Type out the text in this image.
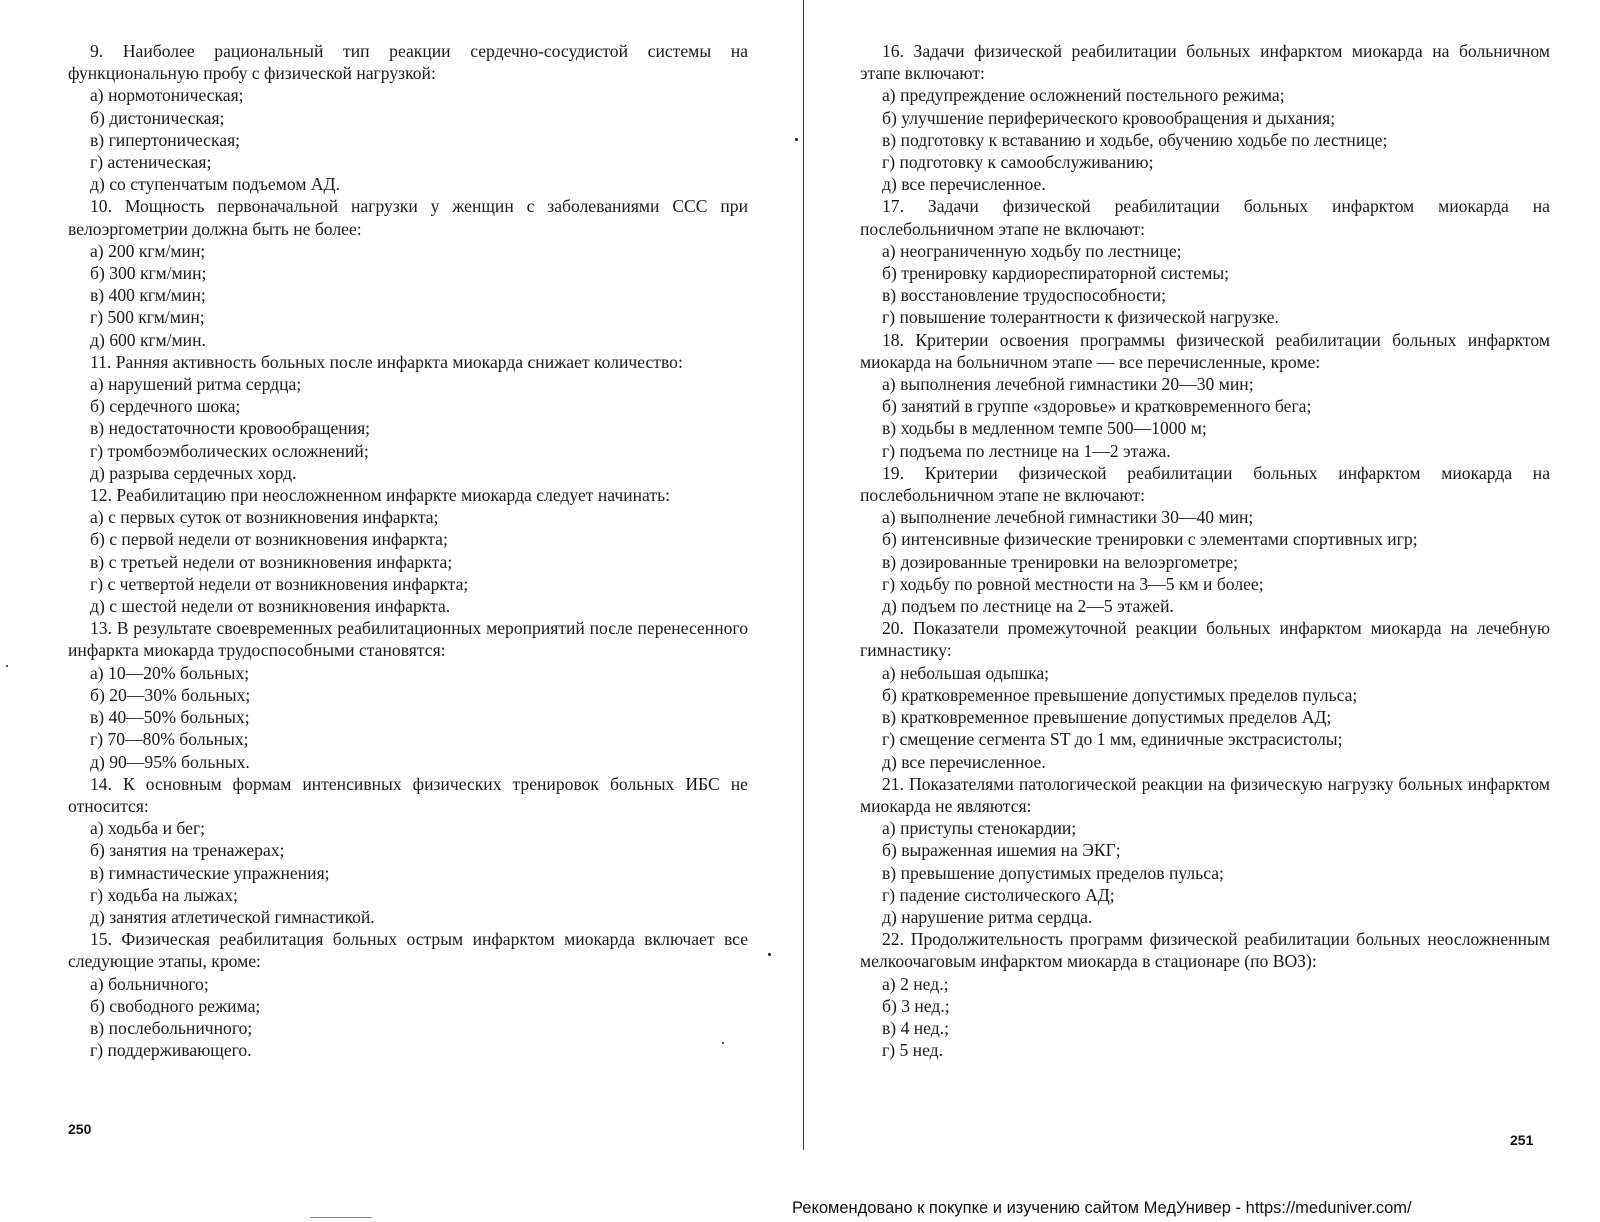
9. Наиболее рациональный тип реакции сердечно-сосудистой системы на функциональную пробу с физической нагрузкой:

а) нормотоническая;

б) дистоническая;

в) гипертоническая;

г) астеническая;

д) со ступенчатым подъемом АД.

10. Мощность первоначальной нагрузки у женщин с заболеваниями ССС при велоэргометрии должна быть не более:

а) 200 кгм/мин;

б) 300 кгм/мин;

в) 400 кгм/мин;

г) 500 кгм/мин;

д) 600 кгм/мин.

11. Ранняя активность больных после инфаркта миокарда снижает количество:

а) нарушений ритма сердца;

б) сердечного шока;

в) недостаточности кровообращения;

г) тромбоэмболических осложнений;

д) разрыва сердечных хорд.

12. Реабилитацию при неосложненном инфаркте миокарда следует начинать:

а) с первых суток от возникновения инфаркта;

б) с первой недели от возникновения инфаркта;

в) с третьей недели от возникновения инфаркта;

г) с четвертой недели от возникновения инфаркта;

д) с шестой недели от возникновения инфаркта.

13. В результате своевременных реабилитационных мероприятий после перенесенного инфаркта миокарда трудоспособными становятся:

а) 10—20% больных;

б) 20—30% больных;

в) 40—50% больных;

г) 70—80% больных;

д) 90—95% больных.

14. К основным формам интенсивных физических тренировок больных ИБС не относится:

а) ходьба и бег;

б) занятия на тренажерах;

в) гимнастические упражнения;

г) ходьба на лыжах;

д) занятия атлетической гимнастикой.

15. Физическая реабилитация больных острым инфарктом миокарда включает все следующие этапы, кроме:

а) больничного;

б) свободного режима;

в) послебольничного;

г) поддерживающего.

250

16. Задачи физической реабилитации больных инфарктом миокарда на больничном этапе включают:

а) предупреждение осложнений постельного режима;

б) улучшение периферического кровообращения и дыхания;

в) подготовку к вставанию и ходьбе, обучению ходьбе по лестнице;

г) подготовку к самообслуживанию;

д) все перечисленное.

17. Задачи физической реабилитации больных инфарктом миокарда на послебольничном этапе не включают:

а) неограниченную ходьбу по лестнице;

б) тренировку кардиореспираторной системы;

в) восстановление трудоспособности;

г) повышение толерантности к физической нагрузке.

18. Критерии освоения программы физической реабилитации больных инфарктом миокарда на больничном этапе — все перечисленные, кроме:

а) выполнения лечебной гимнастики 20—30 мин;

б) занятий в группе «здоровье» и кратковременного бега;

в) ходьбы в медленном темпе 500—1000 м;

г) подъема по лестнице на 1—2 этажа.

19. Критерии физической реабилитации больных инфарктом миокарда на послебольничном этапе не включают:

а) выполнение лечебной гимнастики 30—40 мин;

б) интенсивные физические тренировки с элементами спортивных игр;

в) дозированные тренировки на велоэргометре;

г) ходьбу по ровной местности на 3—5 км и более;

д) подъем по лестнице на 2—5 этажей.

20. Показатели промежуточной реакции больных инфарктом миокарда на лечебную гимнастику:

а) небольшая одышка;

б) кратковременное превышение допустимых пределов пульса;

в) кратковременное превышение допустимых пределов АД;

г) смещение сегмента ST до 1 мм, единичные экстрасистолы;

д) все перечисленное.

21. Показателями патологической реакции на физическую нагрузку больных инфарктом миокарда не являются:

а) приступы стенокардии;

б) выраженная ишемия на ЭКГ;

в) превышение допустимых пределов пульса;

г) падение систолического АД;

д) нарушение ритма сердца.

22. Продолжительность программ физической реабилитации больных неосложненным мелкоочаговым инфарктом миокарда в стационаре (по ВОЗ):

а) 2 нед.;

б) 3 нед.;

в) 4 нед.;

г) 5 нед.

251
Рекомендовано к покупке и изучению сайтом МедУнивер - https://meduniver.com/
